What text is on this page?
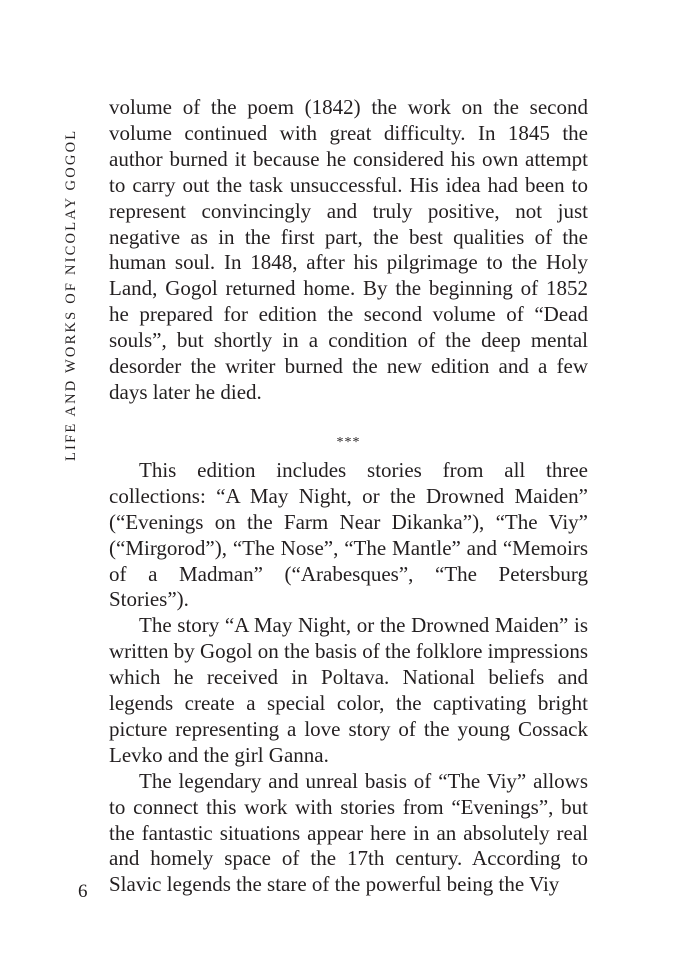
LIFE AND WORKS OF NICOLAY GOGOL

volume of the poem (1842) the work on the second volume continued with great difficulty. In 1845 the author burned it because he considered his own attempt to carry out the task unsuccessful. His idea had been to represent convincingly and truly positive, not just negative as in the first part, the best qualities of the human soul. In 1848, after his pilgrimage to the Holy Land, Gogol returned home. By the beginning of 1852 he prepared for edition the second volume of “Dead souls”, but shortly in a condition of the deep mental desorder the writer burned the new edition and a few days later he died.

***

This edition includes stories from all three collections: “A May Night, or the Drowned Maiden” (“Evenings on the Farm Near Dikanka”), “The Viy” (“Mirgorod”), “The Nose”, “The Mantle” and “Memoirs of a Madman” (“Arabesques”, “The Petersburg Stories”).

The story “A May Night, or the Drowned Maiden” is written by Gogol on the basis of the folklore impressions which he received in Poltava. National beliefs and legends create a special color, the captivating bright picture representing a love story of the young Cossack Levko and the girl Ganna.

The legendary and unreal basis of “The Viy” allows to connect this work with stories from “Evenings”, but the fantastic situations appear here in an absolutely real and homely space of the 17th century. According to Slavic legends the stare of the powerful being the Viy

6
